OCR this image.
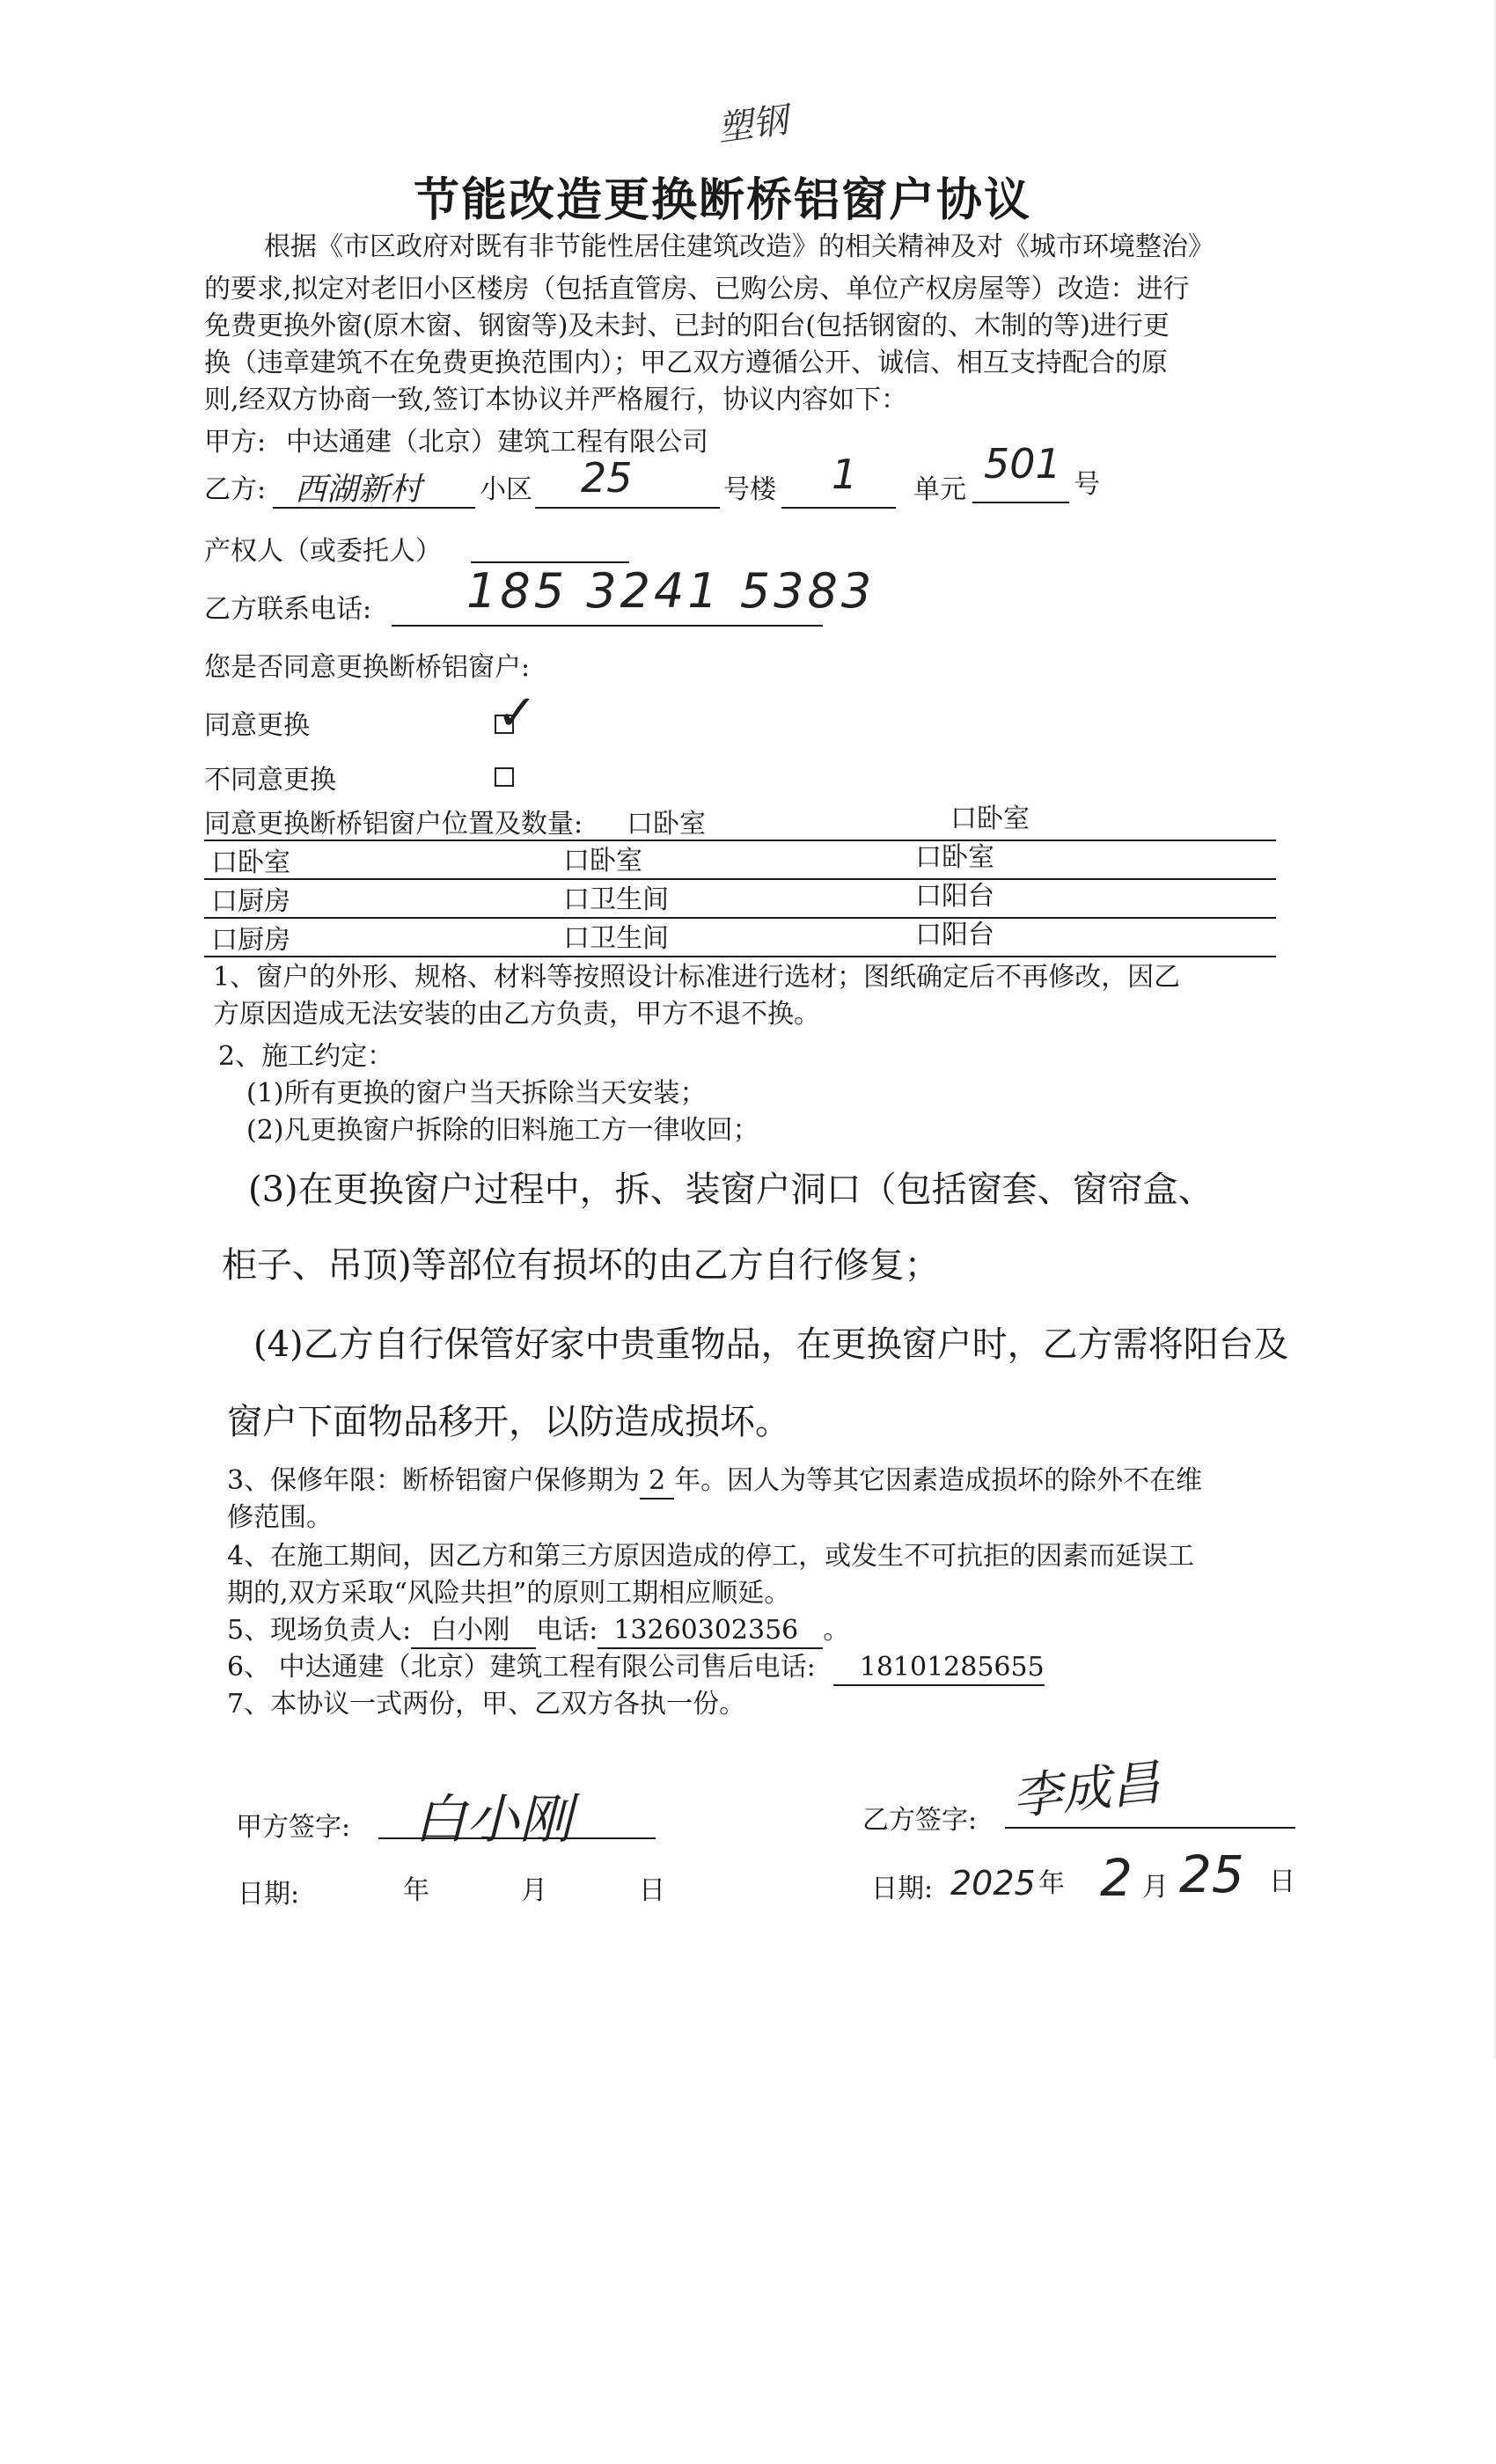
节能改造更换断桥铝窗户协议
塑钢
根据《市区政府对既有非节能性居住建筑改造》的相关精神及对《城市环境整治》
的要求,拟定对老旧小区楼房（包括直管房、已购公房、单位产权房屋等）改造：进行
免费更换外窗(原木窗、钢窗等)及未封、已封的阳台(包括钢窗的、木制的等)进行更
换（违章建筑不在免费更换范围内）；甲乙双方遵循公开、诚信、相互支持配合的原
则,经双方协商一致,签订本协议并严格履行，协议内容如下：
甲方: 中达通建（北京）建筑工程有限公司
乙方: 西湖新村 小区 25	号楼 1 单元
501 号
产权人（或委托人）
乙方联系电话: 185 3241 5383
您是否同意更换断桥铝窗户:
同意更换	✓
不同意更换
同意更换断桥铝窗户位置及数量: 口卧室	口卧室
口卧室	口卧室	口卧室
口厨房	口卫生间	口阳台
口厨房	口卫生间	口阳台
1、窗户的外形、规格、材料等按照设计标准进行选材；图纸确定后不再修改，因乙
方原因造成无法安装的由乙方负责，甲方不退不换。
2、施工约定：
(1)所有更换的窗户当天拆除当天安装；
(2)凡更换窗户拆除的旧料施工方一律收回；
(3)在更换窗户过程中，拆、装窗户洞口（包括窗套、窗帘盒、
柜子、吊顶)等部位有损坏的由乙方自行修复；
(4)乙方自行保管好家中贵重物品，在更换窗户时，乙方需将阳台及
窗户下面物品移开，以防造成损坏。
3、保修年限：断桥铝窗户保修期为 2 年。因人为等其它因素造成损坏的除外不在维
修范围。
4、在施工期间，因乙方和第三方原因造成的停工，或发生不可抗拒的因素而延误工
期的,双方采取“风险共担”的原则工期相应顺延。
5、现场负责人: 白小刚 电话: 13260302356 。
6、 中达通建（北京）建筑工程有限公司售后电话: 18101285655
7、本协议一式两份，甲、乙双方各执一份。
甲方签字: 白小刚	乙方签字: 李成昌
日期:	年	月	日	日期: 2025 年 2 月 25 日
